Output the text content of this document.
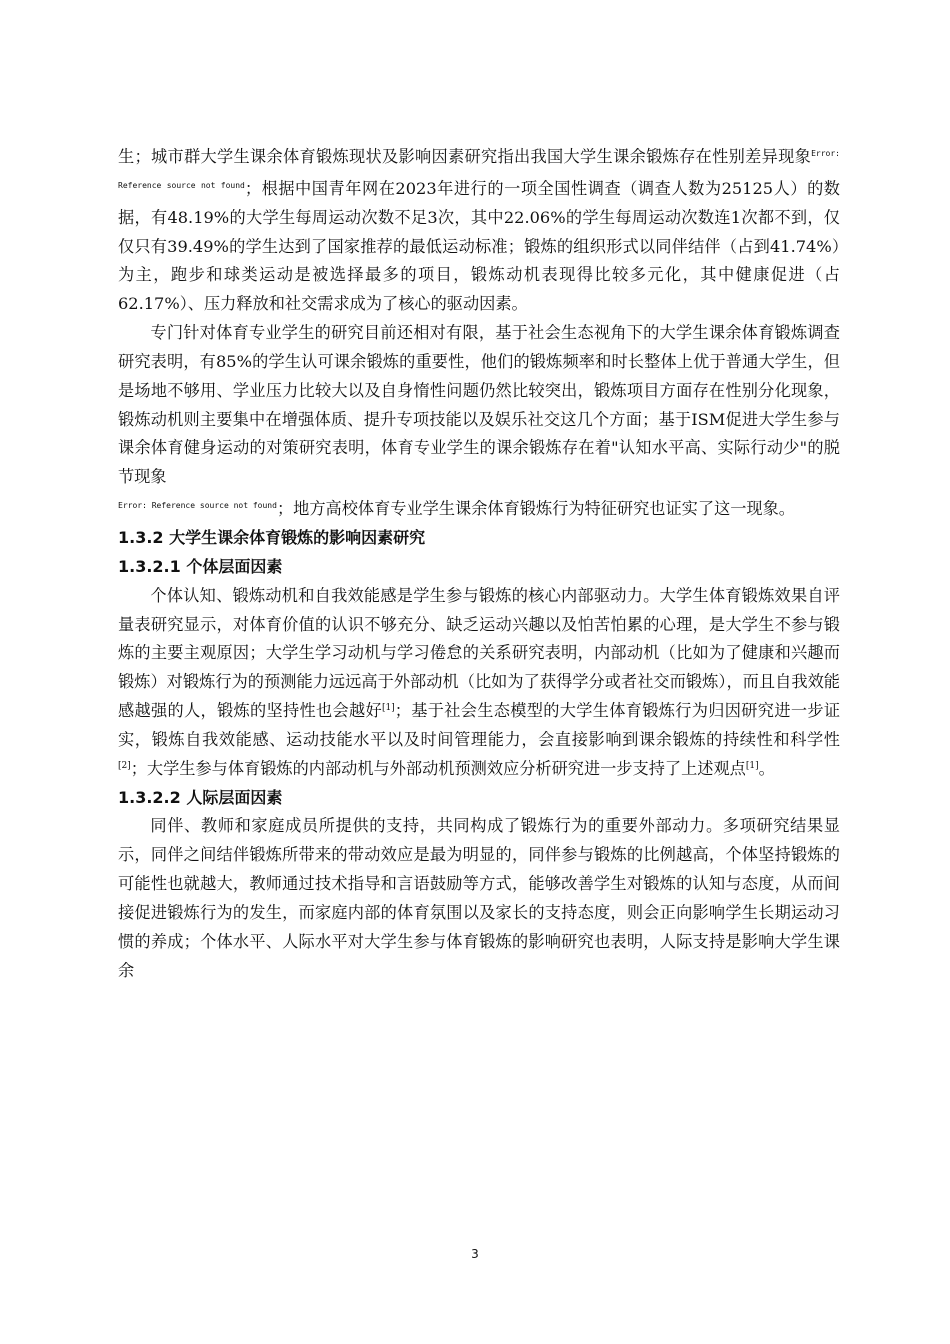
生；城市群大学生课余体育锻炼现状及影响因素研究指出我国大学生课余锻炼存在性别差异现象$^{Error: Reference source not found}$；根据中国青年网在2023年进行的一项全国性调查（调查人数为25125人）的数据，有48.19%的大学生每周运动次数不足3次，其中22.06%的学生每周运动次数连1次都不到，仅仅只有39.49%的学生达到了国家推荐的最低运动标准；锻炼的组织形式以同伴结伴（占到41.74%）为主，跑步和球类运动是被选择最多的项目，锻炼动机表现得比较多元化，其中健康促进（占62.17%）、压力释放和社交需求成为了核心的驱动因素。

专门针对体育专业学生的研究目前还相对有限，基于社会生态视角下的大学生课余体育锻炼调查研究表明，有85%的学生认可课余锻炼的重要性，他们的锻炼频率和时长整体上优于普通大学生，但是场地不够用、学业压力比较大以及自身惰性问题仍然比较突出，锻炼项目方面存在性别分化现象，锻炼动机则主要集中在增强体质、提升专项技能以及娱乐社交这几个方面；基于ISM促进大学生参与课余体育健身运动的对策研究表明，体育专业学生的课余锻炼存在着"认知水平高、实际行动少"的脱节现象
$^{Error: Reference source not found}$；地方高校体育专业学生课余体育锻炼行为特征研究也证实了这一现象。

1.3.2 大学生课余体育锻炼的影响因素研究

1.3.2.1 个体层面因素

个体认知、锻炼动机和自我效能感是学生参与锻炼的核心内部驱动力。大学生体育锻炼效果自评量表研究显示，对体育价值的认识不够充分、缺乏运动兴趣以及怕苦怕累的心理，是大学生不参与锻炼的主要主观原因；大学生学习动机与学习倦怠的关系研究表明，内部动机（比如为了健康和兴趣而锻炼）对锻炼行为的预测能力远远高于外部动机（比如为了获得学分或者社交而锻炼），而且自我效能感越强的人，锻炼的坚持性也会越好[1]；基于社会生态模型的大学生体育锻炼行为归因研究进一步证实，锻炼自我效能感、运动技能水平以及时间管理能力，会直接影响到课余锻炼的持续性和科学性[2]；大学生参与体育锻炼的内部动机与外部动机预测效应分析研究进一步支持了上述观点[1]。

1.3.2.2 人际层面因素

同伴、教师和家庭成员所提供的支持，共同构成了锻炼行为的重要外部动力。多项研究结果显示，同伴之间结伴锻炼所带来的带动效应是最为明显的，同伴参与锻炼的比例越高，个体坚持锻炼的可能性也就越大，教师通过技术指导和言语鼓励等方式，能够改善学生对锻炼的认知与态度，从而间接促进锻炼行为的发生，而家庭内部的体育氛围以及家长的支持态度，则会正向影响学生长期运动习惯的养成；个体水平、人际水平对大学生参与体育锻炼的影响研究也表明，人际支持是影响大学生课余

3
